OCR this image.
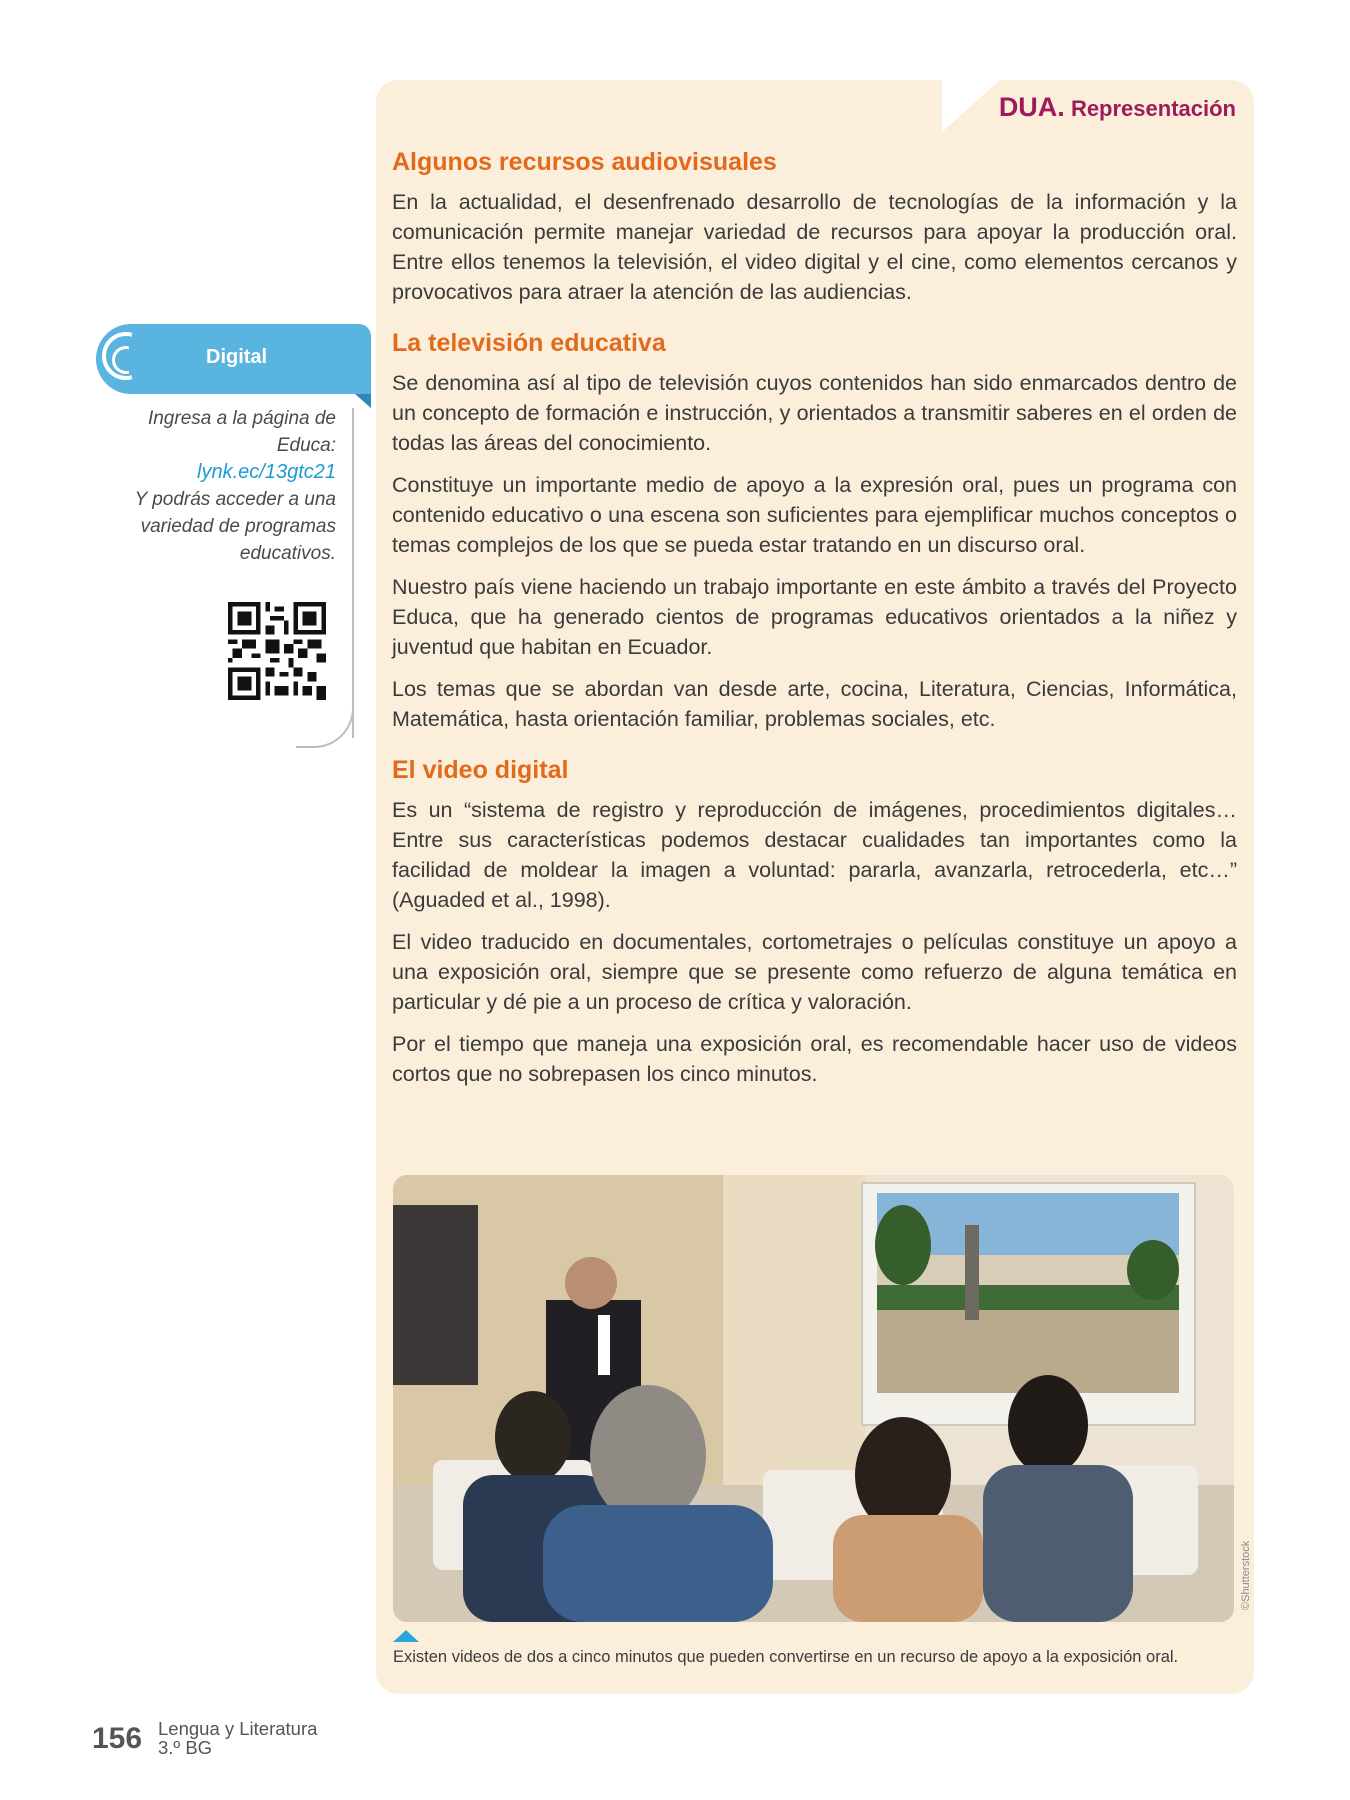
DUA. Representación
Algunos recursos audiovisuales

En la actualidad, el desenfrenado desarrollo de tecnologías de la información y la comunicación permite manejar variedad de recursos para apoyar la producción oral. Entre ellos tenemos la televisión, el video digital y el cine, como elementos cercanos y provocativos para atraer la atención de las audiencias.

La televisión educativa

Se denomina así al tipo de televisión cuyos contenidos han sido enmarcados dentro de un concepto de formación e instrucción, y orientados a transmitir saberes en el orden de todas las áreas del conocimiento.

Constituye un importante medio de apoyo a la expresión oral, pues un programa con contenido educativo o una escena son suficientes para ejemplificar muchos conceptos o temas complejos de los que se pueda estar tratando en un discurso oral.

Nuestro país viene haciendo un trabajo importante en este ámbito a través del Proyecto Educa, que ha generado cientos de programas educativos orientados a la niñez y juventud que habitan en Ecuador.

Los temas que se abordan van desde arte, cocina, Literatura, Ciencias, Informática, Matemática, hasta orientación familiar, problemas sociales, etc.

El video digital

Es un “sistema de registro y reproducción de imágenes, procedimientos digitales… Entre sus características podemos destacar cualidades tan importantes como la facilidad de moldear la imagen a voluntad: pararla, avanzarla, retrocederla, etc…” (Aguaded et al., 1998).

El video traducido en documentales, cortometrajes o películas constituye un apoyo a una exposición oral, siempre que se presente como refuerzo de alguna temática en particular y dé pie a un proceso de crítica y valoración.

Por el tiempo que maneja una exposición oral, es recomendable hacer uso de videos cortos que no sobrepasen los cinco minutos.

©Shutterstock
Existen videos de dos a cinco minutos que pueden convertirse en un recurso de apoyo a la exposición oral.
Digital
Ingresa a la página de Educa:
lynk.ec/13gtc21
Y podrás acceder a una variedad de programas educativos.
156 Lengua y Literatura
3.º BG
